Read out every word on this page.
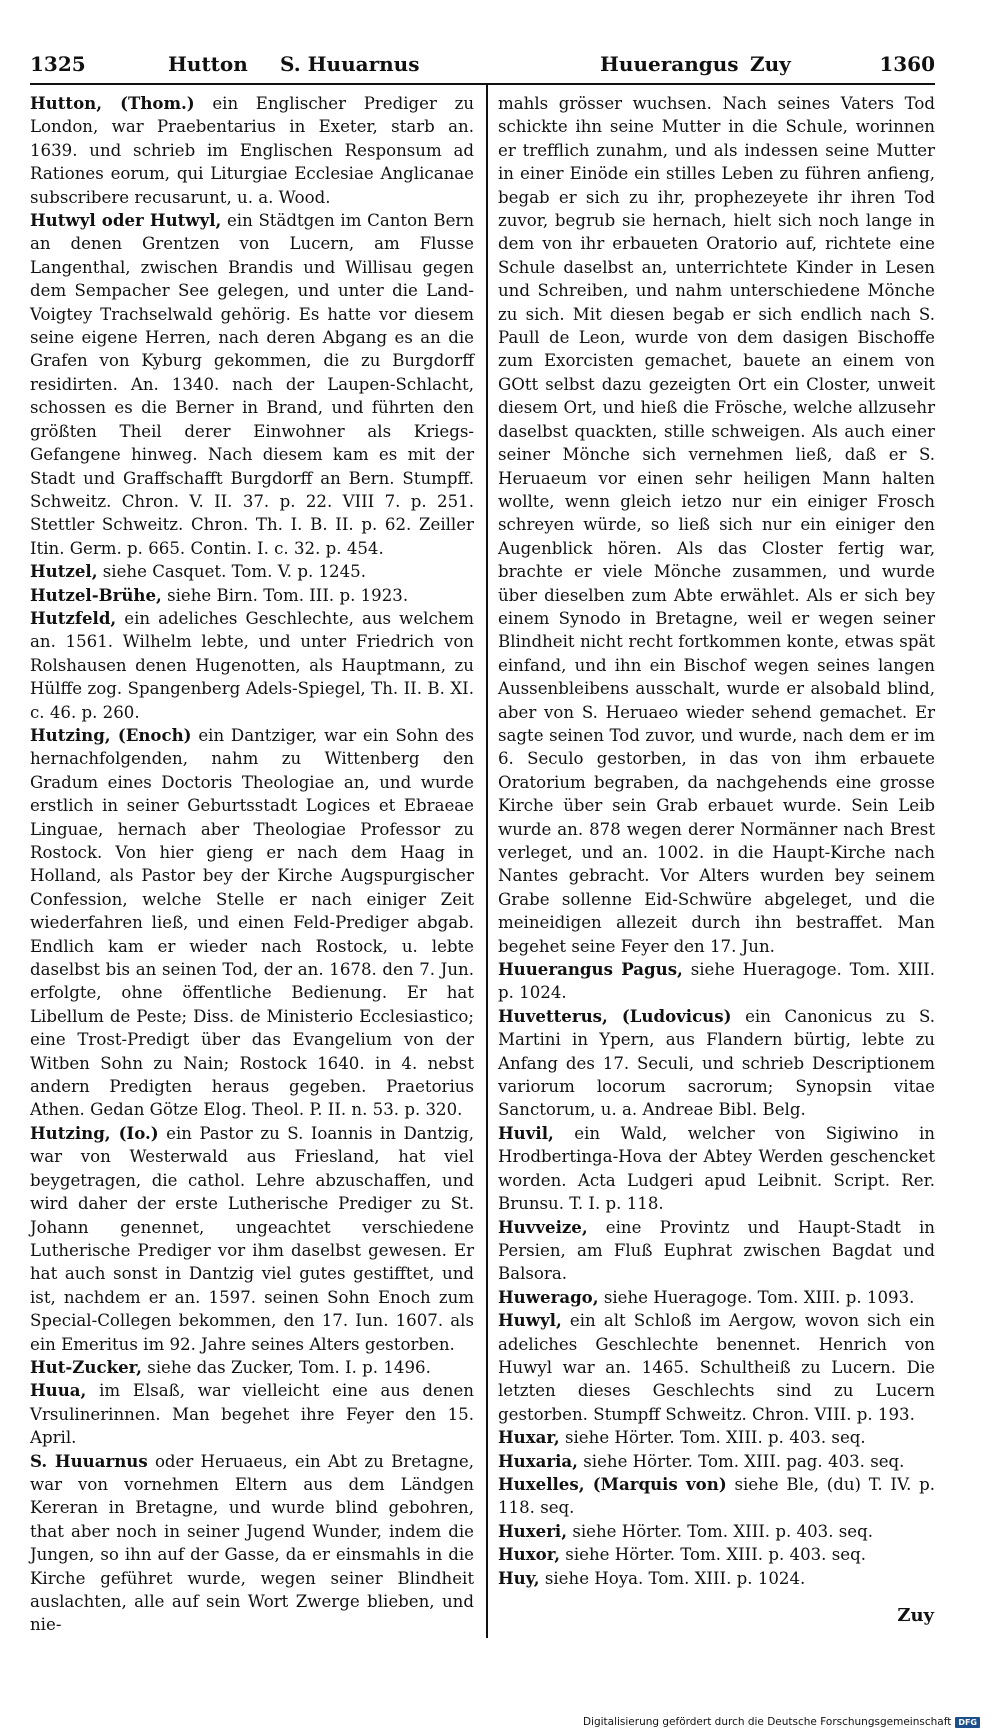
1325	Hutton S. Huuarnus	Huuerangus Zuy	1360

Hutton, (Thom.) ein Englischer Prediger zu London, war Praebentarius in Exeter, starb an. 1639. und schrieb im Englischen Responsum ad Rationes eorum, qui Liturgiae Ecclesiae Anglicanae subscribere recusarunt, u. a. Wood.

Hutwyl oder Hutwyl, ein Städtgen im Canton Bern an denen Grentzen von Lucern, am Flusse Langenthal, zwischen Brandis und Willisau gegen dem Sempacher See gelegen, und unter die Land-Voigtey Trachselwald gehörig. Es hatte vor diesem seine eigene Herren, nach deren Abgang es an die Grafen von Kyburg gekommen, die zu Burgdorff residirten. An. 1340. nach der Laupen-Schlacht, schossen es die Berner in Brand, und führten den größten Theil derer Einwohner als Kriegs-Gefangene hinweg. Nach diesem kam es mit der Stadt und Graffschafft Burgdorff an Bern. Stumpff. Schweitz. Chron. V. II. 37. p. 22. VIII 7. p. 251. Stettler Schweitz. Chron. Th. I. B. II. p. 62. Zeiller Itin. Germ. p. 665. Contin. I. c. 32. p. 454.

Hutzel, siehe Casquet. Tom. V. p. 1245.

Hutzel-Brühe, siehe Birn. Tom. III. p. 1923.

Hutzfeld, ein adeliches Geschlechte, aus welchem an. 1561. Wilhelm lebte, und unter Friedrich von Rolshausen denen Hugenotten, als Hauptmann, zu Hülffe zog. Spangenberg Adels-Spiegel, Th. II. B. XI. c. 46. p. 260.

Hutzing, (Enoch) ein Dantziger, war ein Sohn des hernachfolgenden, nahm zu Wittenberg den Gradum eines Doctoris Theologiae an, und wurde erstlich in seiner Geburtsstadt Logices et Ebraeae Linguae, hernach aber Theologiae Professor zu Rostock. Von hier gieng er nach dem Haag in Holland, als Pastor bey der Kirche Augspurgischer Confession, welche Stelle er nach einiger Zeit wiederfahren ließ, und einen Feld-Prediger abgab. Endlich kam er wieder nach Rostock, u. lebte daselbst bis an seinen Tod, der an. 1678. den 7. Jun. erfolgte, ohne öffentliche Bedienung. Er hat Libellum de Peste; Diss. de Ministerio Ecclesiastico; eine Trost-Predigt über das Evangelium von der Witben Sohn zu Nain; Rostock 1640. in 4. nebst andern Predigten heraus gegeben. Praetorius Athen. Gedan Götze Elog. Theol. P. II. n. 53. p. 320.

Hutzing, (Io.) ein Pastor zu S. Ioannis in Dantzig, war von Westerwald aus Friesland, hat viel beygetragen, die cathol. Lehre abzuschaffen, und wird daher der erste Lutherische Prediger zu St. Johann genennet, ungeachtet verschiedene Lutherische Prediger vor ihm daselbst gewesen. Er hat auch sonst in Dantzig viel gutes gestifftet, und ist, nachdem er an. 1597. seinen Sohn Enoch zum Special-Collegen bekommen, den 17. Iun. 1607. als ein Emeritus im 92. Jahre seines Alters gestorben.

Hut-Zucker, siehe das Zucker, Tom. I. p. 1496.

Huua, im Elsaß, war vielleicht eine aus denen Vrsulinerinnen. Man begehet ihre Feyer den 15. April.

S. Huuarnus oder Heruaeus, ein Abt zu Bretagne, war von vornehmen Eltern aus dem Ländgen Kereran in Bretagne, und wurde blind gebohren, that aber noch in seiner Jugend Wunder, indem die Jungen, so ihn auf der Gasse, da er einsmahls in die Kirche geführet wurde, wegen seiner Blindheit auslachten, alle auf sein Wort Zwerge blieben, und nie-

mahls grösser wuchsen. Nach seines Vaters Tod schickte ihn seine Mutter in die Schule, worinnen er trefflich zunahm, und als indessen seine Mutter in einer Einöde ein stilles Leben zu führen anfieng, begab er sich zu ihr, prophezeyete ihr ihren Tod zuvor, begrub sie hernach, hielt sich noch lange in dem von ihr erbaueten Oratorio auf, richtete eine Schule daselbst an, unterrichtete Kinder in Lesen und Schreiben, und nahm unterschiedene Mönche zu sich. Mit diesen begab er sich endlich nach S. Paull de Leon, wurde von dem dasigen Bischoffe zum Exorcisten gemachet, bauete an einem von GOtt selbst dazu gezeigten Ort ein Closter, unweit diesem Ort, und hieß die Frösche, welche allzusehr daselbst quackten, stille schweigen. Als auch einer seiner Mönche sich vernehmen ließ, daß er S. Heruaeum vor einen sehr heiligen Mann halten wollte, wenn gleich ietzo nur ein einiger Frosch schreyen würde, so ließ sich nur ein einiger den Augenblick hören. Als das Closter fertig war, brachte er viele Mönche zusammen, und wurde über dieselben zum Abte erwählet. Als er sich bey einem Synodo in Bretagne, weil er wegen seiner Blindheit nicht recht fortkommen konte, etwas spät einfand, und ihn ein Bischof wegen seines langen Aussenbleibens ausschalt, wurde er alsobald blind, aber von S. Heruaeo wieder sehend gemachet. Er sagte seinen Tod zuvor, und wurde, nach dem er im 6. Seculo gestorben, in das von ihm erbauete Oratorium begraben, da nachgehends eine grosse Kirche über sein Grab erbauet wurde. Sein Leib wurde an. 878 wegen derer Normänner nach Brest verleget, und an. 1002. in die Haupt-Kirche nach Nantes gebracht. Vor Alters wurden bey seinem Grabe sollenne Eid-Schwüre abgeleget, und die meineidigen allezeit durch ihn bestraffet. Man begehet seine Feyer den 17. Jun.

Huuerangus Pagus, siehe Hueragoge. Tom. XIII. p. 1024.

Huvetterus, (Ludovicus) ein Canonicus zu S. Martini in Ypern, aus Flandern bürtig, lebte zu Anfang des 17. Seculi, und schrieb Descriptionem variorum locorum sacrorum; Synopsin vitae Sanctorum, u. a. Andreae Bibl. Belg.

Huvil, ein Wald, welcher von Sigiwino in Hrodbertinga-Hova der Abtey Werden geschencket worden. Acta Ludgeri apud Leibnit. Script. Rer. Brunsu. T. I. p. 118.

Huvveize, eine Provintz und Haupt-Stadt in Persien, am Fluß Euphrat zwischen Bagdat und Balsora.

Huwerago, siehe Hueragoge. Tom. XIII. p. 1093.

Huwyl, ein alt Schloß im Aergow, wovon sich ein adeliches Geschlechte benennet. Henrich von Huwyl war an. 1465. Schultheiß zu Lucern. Die letzten dieses Geschlechts sind zu Lucern gestorben. Stumpff Schweitz. Chron. VIII. p. 193.

Huxar, siehe Hörter. Tom. XIII. p. 403. seq.

Huxaria, siehe Hörter. Tom. XIII. pag. 403. seq.

Huxelles, (Marquis von) siehe Ble, (du) T. IV. p. 118. seq.

Huxeri, siehe Hörter. Tom. XIII. p. 403. seq.

Huxor, siehe Hörter. Tom. XIII. p. 403. seq.

Huy, siehe Hoya. Tom. XIII. p. 1024.

Zuy
Digitalisierung gefördert durch die Deutsche Forschungsgemeinschaft DFG
